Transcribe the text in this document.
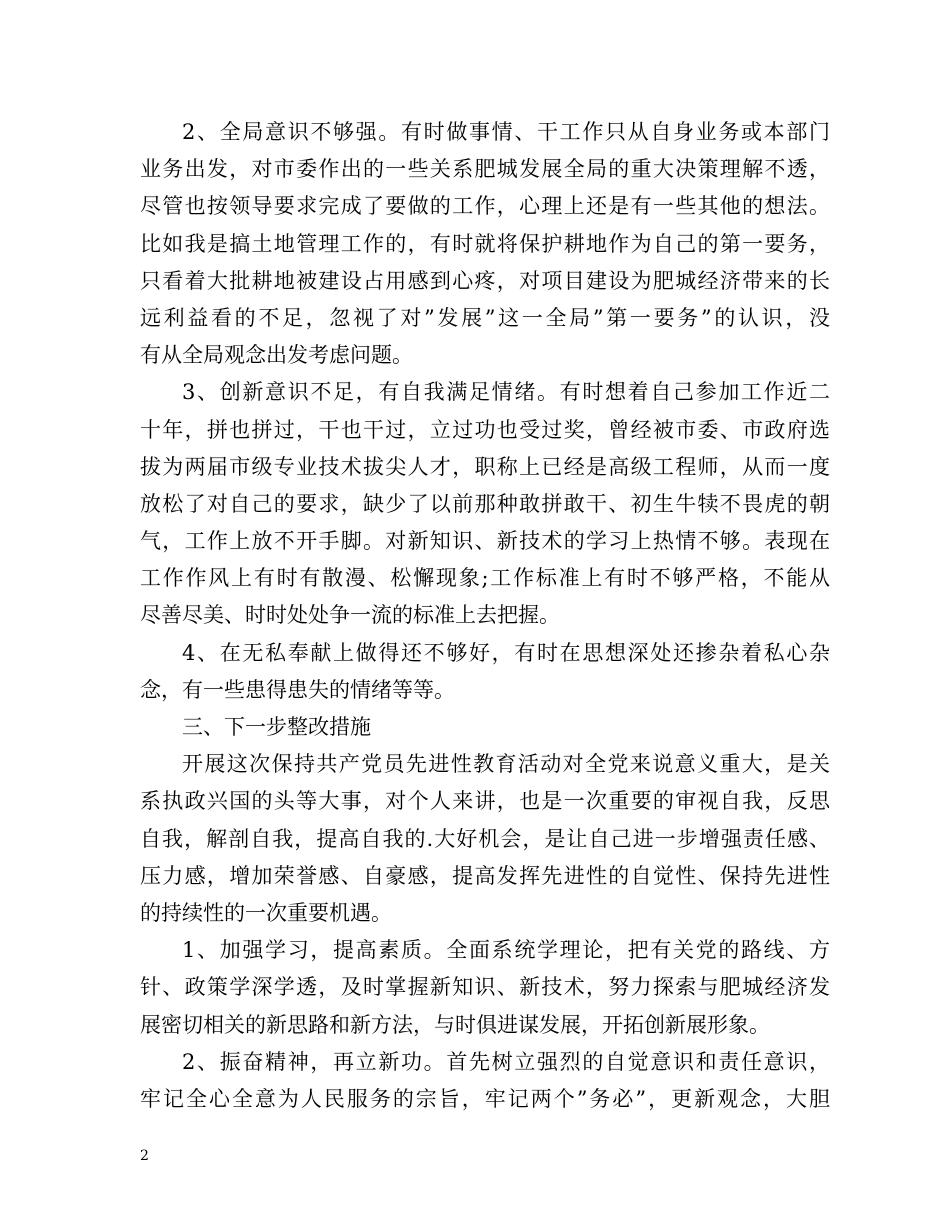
2、全局意识不够强。有时做事情、干工作只从自身业务或本部门
业务出发，对市委作出的一些关系肥城发展全局的重大决策理解不透，
尽管也按领导要求完成了要做的工作，心理上还是有一些其他的想法。
比如我是搞土地管理工作的，有时就将保护耕地作为自己的第一要务，
只看着大批耕地被建设占用感到心疼，对项目建设为肥城经济带来的长
远利益看的不足，忽视了对”发展”这一全局”第一要务”的认识，没
有从全局观念出发考虑问题。
3、创新意识不足，有自我满足情绪。有时想着自己参加工作近二
十年，拼也拼过，干也干过，立过功也受过奖，曾经被市委、市政府选
拔为两届市级专业技术拔尖人才，职称上已经是高级工程师，从而一度
放松了对自己的要求，缺少了以前那种敢拼敢干、初生牛犊不畏虎的朝
气，工作上放不开手脚。对新知识、新技术的学习上热情不够。表现在
工作作风上有时有散漫、松懈现象;工作标准上有时不够严格，不能从
尽善尽美、时时处处争一流的标准上去把握。
4、在无私奉献上做得还不够好，有时在思想深处还掺杂着私心杂
念，有一些患得患失的情绪等等。
三、下一步整改措施
开展这次保持共产党员先进性教育活动对全党来说意义重大，是关
系执政兴国的头等大事，对个人来讲，也是一次重要的审视自我，反思
自我，解剖自我，提高自我的.大好机会，是让自己进一步增强责任感、
压力感，增加荣誉感、自豪感，提高发挥先进性的自觉性、保持先进性
的持续性的一次重要机遇。
1、加强学习，提高素质。全面系统学理论，把有关党的路线、方
针、政策学深学透，及时掌握新知识、新技术，努力探索与肥城经济发
展密切相关的新思路和新方法，与时俱进谋发展，开拓创新展形象。
2、振奋精神，再立新功。首先树立强烈的自觉意识和责任意识，
牢记全心全意为人民服务的宗旨，牢记两个”务必”，更新观念，大胆
2
